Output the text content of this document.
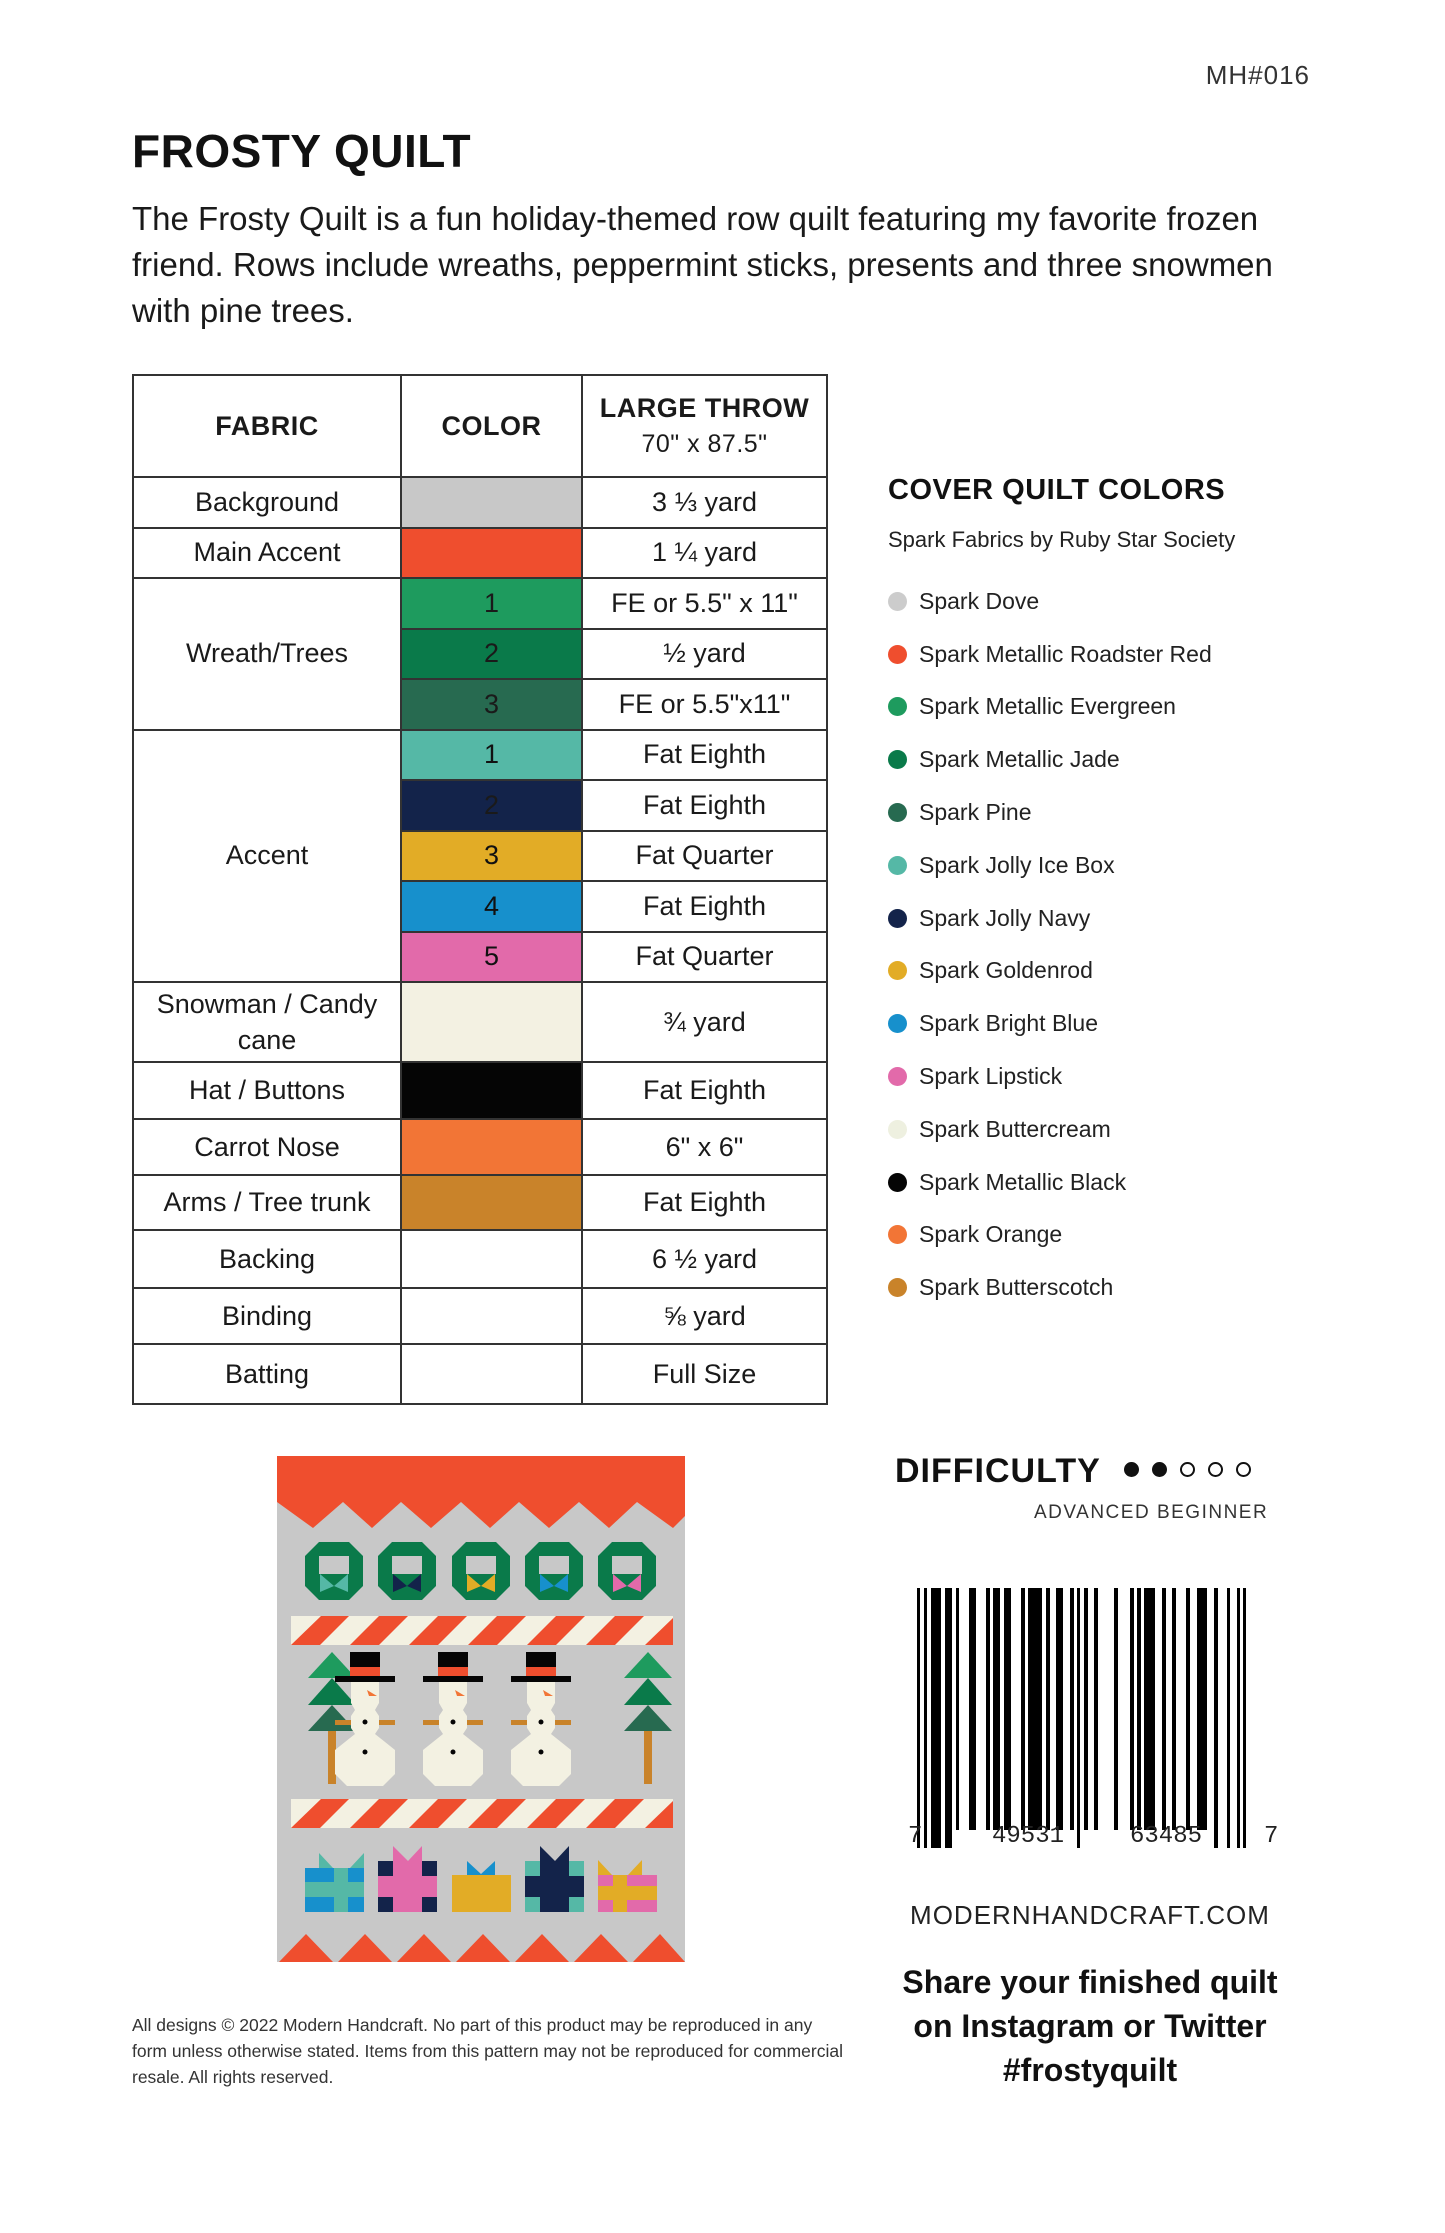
MH#016
FROSTY QUILT
The Frosty Quilt is a fun holiday-themed row quilt featuring my favorite frozen friend. Rows include wreaths, peppermint sticks, presents and three snowmen with pine trees.
FABRIC	COLOR	LARGE THROW
70" x 87.5"

Background		3 ⅓ yard
Main Accent		1 ¼ yard
Wreath/Trees	1	FE or 5.5" x 11"
	2	½ yard
	3	FE or 5.5"x11"
Accent	1	Fat Eighth
	2	Fat Eighth
	3	Fat Quarter
	4	Fat Eighth
	5	Fat Quarter
Snowman / Candy cane		¾ yard
Hat / Buttons		Fat Eighth
Carrot Nose		6" x 6"
Arms / Tree trunk		Fat Eighth
Backing		6 ½ yard
Binding		⅝ yard
Batting		Full Size
COVER QUILT COLORS
Spark Fabrics by Ruby Star Society
Spark Dove
Spark Metallic Roadster Red
Spark Metallic Evergreen
Spark Metallic Jade
Spark Pine
Spark Jolly Ice Box
Spark Jolly Navy
Spark Goldenrod
Spark Bright Blue
Spark Lipstick
Spark Buttercream
Spark Metallic Black
Spark Orange
Spark Butterscotch
DIFFICULTY
ADVANCED BEGINNER
7	49531	63485	7
MODERNHANDCRAFT.COM
Share your finished quilt
on Instagram or Twitter
#frostyquilt
All designs © 2022 Modern Handcraft. No part of this product may be reproduced in any form unless otherwise stated. Items from this pattern may not be reproduced for commercial resale. All rights reserved.
